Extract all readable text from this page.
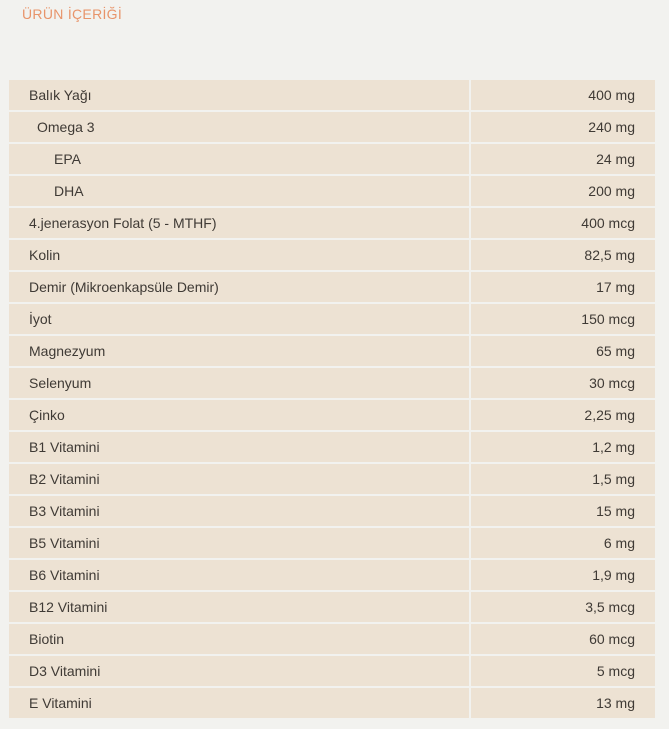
ÜRÜN İÇERİĞİ
Balık Yağı	400 mg
Omega 3	240 mg
EPA	24 mg
DHA	200 mg
4.jenerasyon Folat (5 - MTHF)	400 mcg
Kolin	82,5 mg
Demir (Mikroenkapsüle Demir)	17 mg
İyot	150 mcg
Magnezyum	65 mg
Selenyum	30 mcg
Çinko	2,25 mg
B1 Vitamini	1,2 mg
B2 Vitamini	1,5 mg
B3 Vitamini	15 mg
B5 Vitamini	6 mg
B6 Vitamini	1,9 mg
B12 Vitamini	3,5 mcg
Biotin	60 mcg
D3 Vitamini	5 mcg
E Vitamini	13 mg
